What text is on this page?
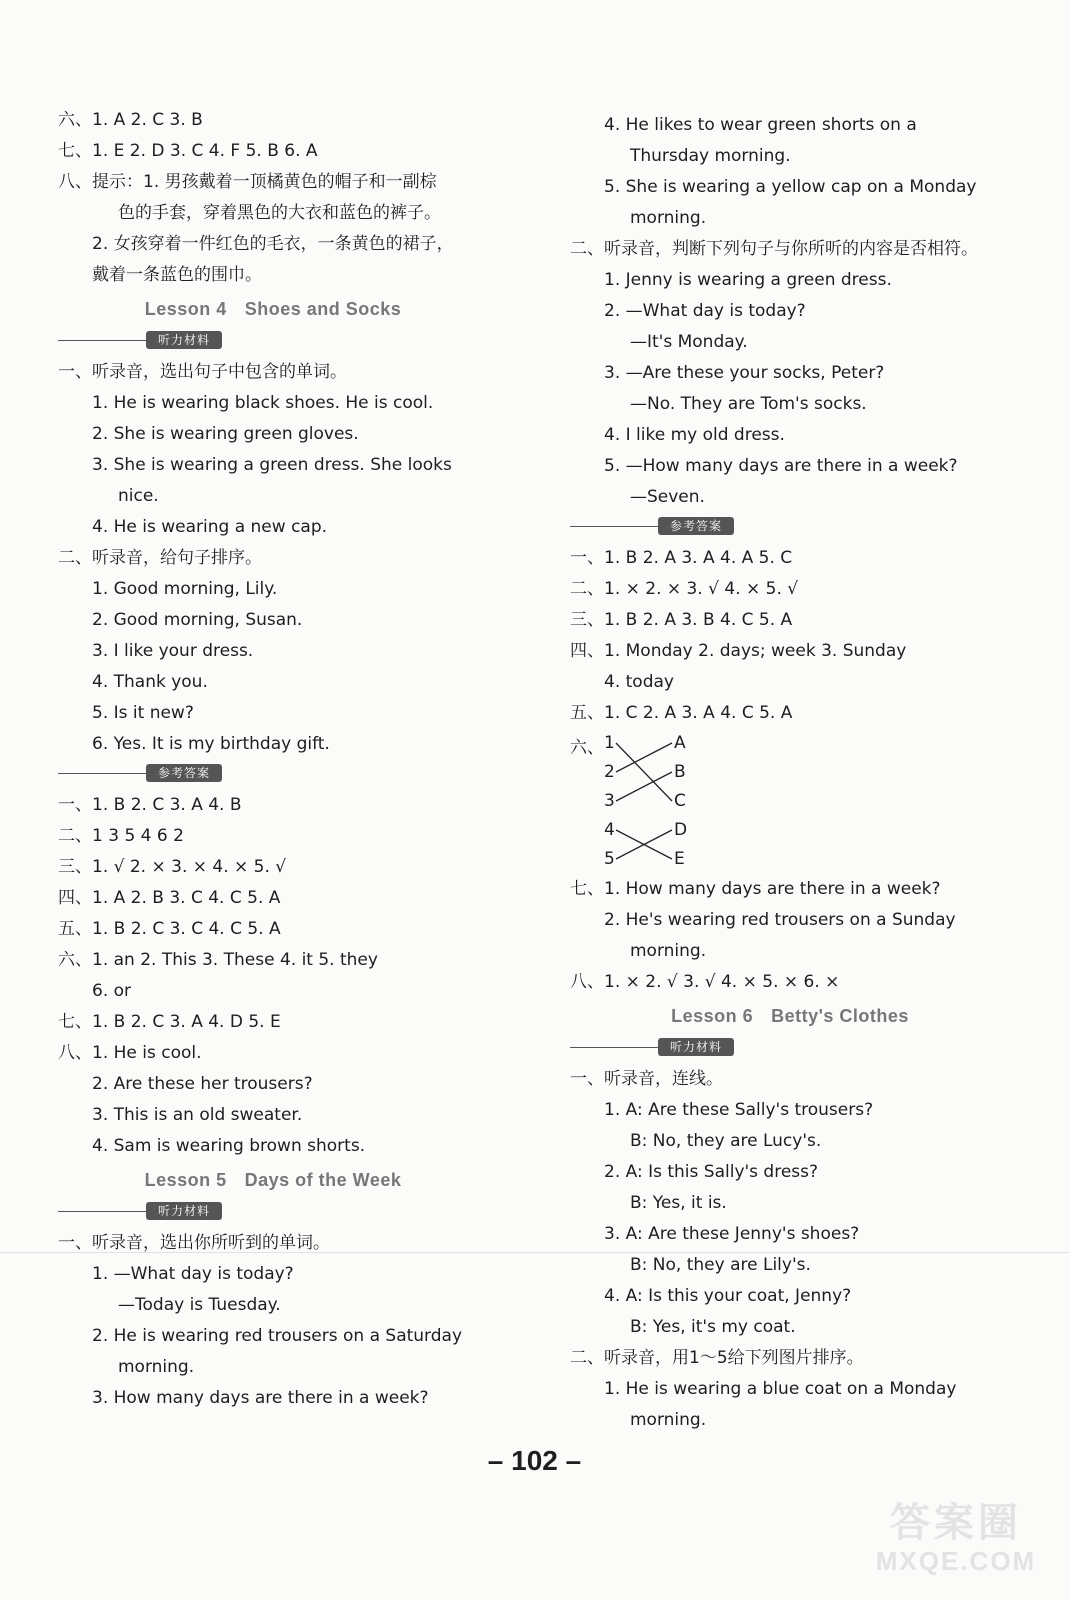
六、1. A 2. C 3. B
七、1. E 2. D 3. C 4. F 5. B 6. A
八、提示：1. 男孩戴着一顶橘黄色的帽子和一副棕
色的手套，穿着黑色的大衣和蓝色的裤子。
2. 女孩穿着一件红色的毛衣，一条黄色的裙子，
戴着一条蓝色的围巾。
Lesson 4 Shoes and Socks
听力材料
一、听录音，选出句子中包含的单词。
1. He is wearing black shoes. He is cool.
2. She is wearing green gloves.
3. She is wearing a green dress. She looks
nice.
4. He is wearing a new cap.
二、听录音，给句子排序。
1. Good morning, Lily.
2. Good morning, Susan.
3. I like your dress.
4. Thank you.
5. Is it new?
6. Yes. It is my birthday gift.
参考答案
一、1. B 2. C 3. A 4. B
二、1 3 5 4 6 2
三、1. √ 2. × 3. × 4. × 5. √
四、1. A 2. B 3. C 4. C 5. A
五、1. B 2. C 3. C 4. C 5. A
六、1. an 2. This 3. These 4. it 5. they
6. or
七、1. B 2. C 3. A 4. D 5. E
八、1. He is cool.
2. Are these her trousers?
3. This is an old sweater.
4. Sam is wearing brown shorts.
Lesson 5 Days of the Week
听力材料
一、听录音，选出你所听到的单词。
1. —What day is today?
—Today is Tuesday.
2. He is wearing red trousers on a Saturday
morning.
3. How many days are there in a week?
4. He likes to wear green shorts on a
Thursday morning.
5. She is wearing a yellow cap on a Monday
morning.
二、听录音，判断下列句子与你所听的内容是否相符。
1. Jenny is wearing a green dress.
2. —What day is today?
—It's Monday.
3. —Are these your socks, Peter?
—No. They are Tom's socks.
4. I like my old dress.
5. —How many days are there in a week?
—Seven.
参考答案
一、1. B 2. A 3. A 4. A 5. C
二、1. × 2. × 3. √ 4. × 5. √
三、1. B 2. A 3. B 4. C 5. A
四、1. Monday 2. days; week 3. Sunday
4. today
五、1. C 2. A 3. A 4. C 5. A
六、 1
2
3
4
5
A
B
C
D
E
七、1. How many days are there in a week?
2. He's wearing red trousers on a Sunday
morning.
八、1. × 2. √ 3. √ 4. × 5. × 6. ×
Lesson 6 Betty's Clothes
听力材料
一、听录音，连线。
1. A: Are these Sally's trousers?
B: No, they are Lucy's.
2. A: Is this Sally's dress?
B: Yes, it is.
3. A: Are these Jenny's shoes?
B: No, they are Lily's.
4. A: Is this your coat, Jenny?
B: Yes, it's my coat.
二、听录音，用1～5给下列图片排序。
1. He is wearing a blue coat on a Monday
morning.
– 102 –
答案圈
MXQE.COM
